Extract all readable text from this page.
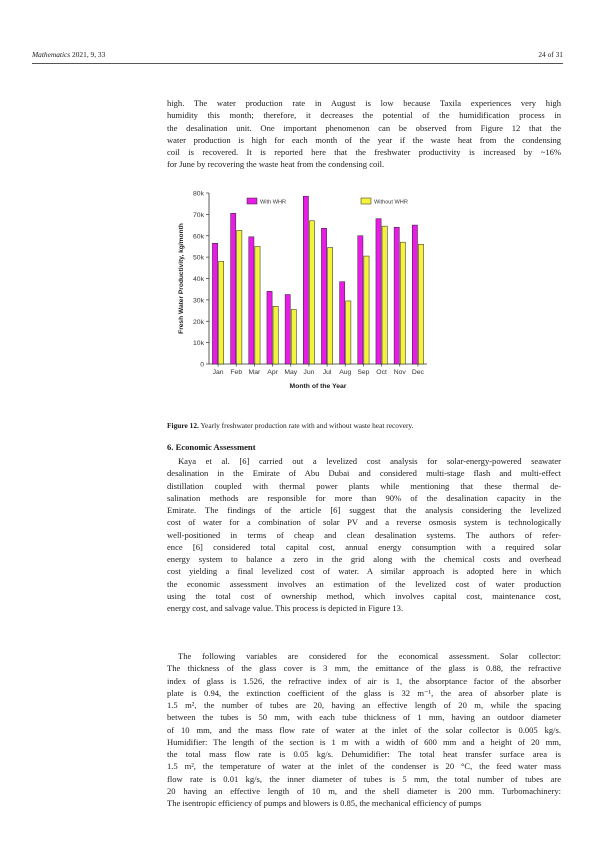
Mathematics 2021, 9, 33	24 of 31
high. The water production rate in August is low because Taxila experiences very high
humidity this month; therefore, it decreases the potential of the humidification process in
the desalination unit. One important phenomenon can be observed from Figure 12 that the
water production is high for each month of the year if the waste heat from the condensing
coil is recovered. It is reported here that the freshwater productivity is increased by ~16%
for June by recovering the waste heat from the condensing coil.
0
10k
20k
30k
40k
50k
60k
70k
80k
Jan Feb Mar Apr May Jun Jul Aug Sep Oct Nov Dec
With WHR	Without WHR
Month of the Year
Fresh Water Productivity, kg/month
Figure 12. Yearly freshwater production rate with and without waste heat recovery.
6. Economic Assessment
Kaya et al. [6] carried out a levelized cost analysis for solar-energy-powered seawater
desalination in the Emirate of Abu Dubai and considered multi-stage flash and multi-effect
distillation coupled with thermal power plants while mentioning that these thermal de-
salination methods are responsible for more than 90% of the desalination capacity in the
Emirate. The findings of the article [6] suggest that the analysis considering the levelized
cost of water for a combination of solar PV and a reverse osmosis system is technologically
well-positioned in terms of cheap and clean desalination systems. The authors of refer-
ence [6] considered total capital cost, annual energy consumption with a required solar
energy system to balance a zero in the grid along with the chemical costs and overhead
cost yielding a final levelized cost of water. A similar approach is adopted here in which
the economic assessment involves an estimation of the levelized cost of water production
using the total cost of ownership method, which involves capital cost, maintenance cost,
energy cost, and salvage value. This process is depicted in Figure 13.
The following variables are considered for the economical assessment. Solar collector:
The thickness of the glass cover is 3 mm, the emittance of the glass is 0.88, the refractive
index of glass is 1.526, the refractive index of air is 1, the absorptance factor of the absorber
plate is 0.94, the extinction coefficient of the glass is 32 m⁻¹, the area of absorber plate is
1.5 m², the number of tubes are 20, having an effective length of 20 m, while the spacing
between the tubes is 50 mm, with each tube thickness of 1 mm, having an outdoor diameter
of 10 mm, and the mass flow rate of water at the inlet of the solar collector is 0.005 kg/s.
Humidifier: The length of the section is 1 m with a width of 600 mm and a height of 20 mm,
the total mass flow rate is 0.05 kg/s. Dehumidifier: The total heat transfer surface area is
1.5 m², the temperature of water at the inlet of the condenser is 20 °C, the feed water mass
flow rate is 0.01 kg/s, the inner diameter of tubes is 5 mm, the total number of tubes are
20 having an effective length of 10 m, and the shell diameter is 200 mm. Turbomachinery:
The isentropic efficiency of pumps and blowers is 0.85, the mechanical efficiency of pumps
